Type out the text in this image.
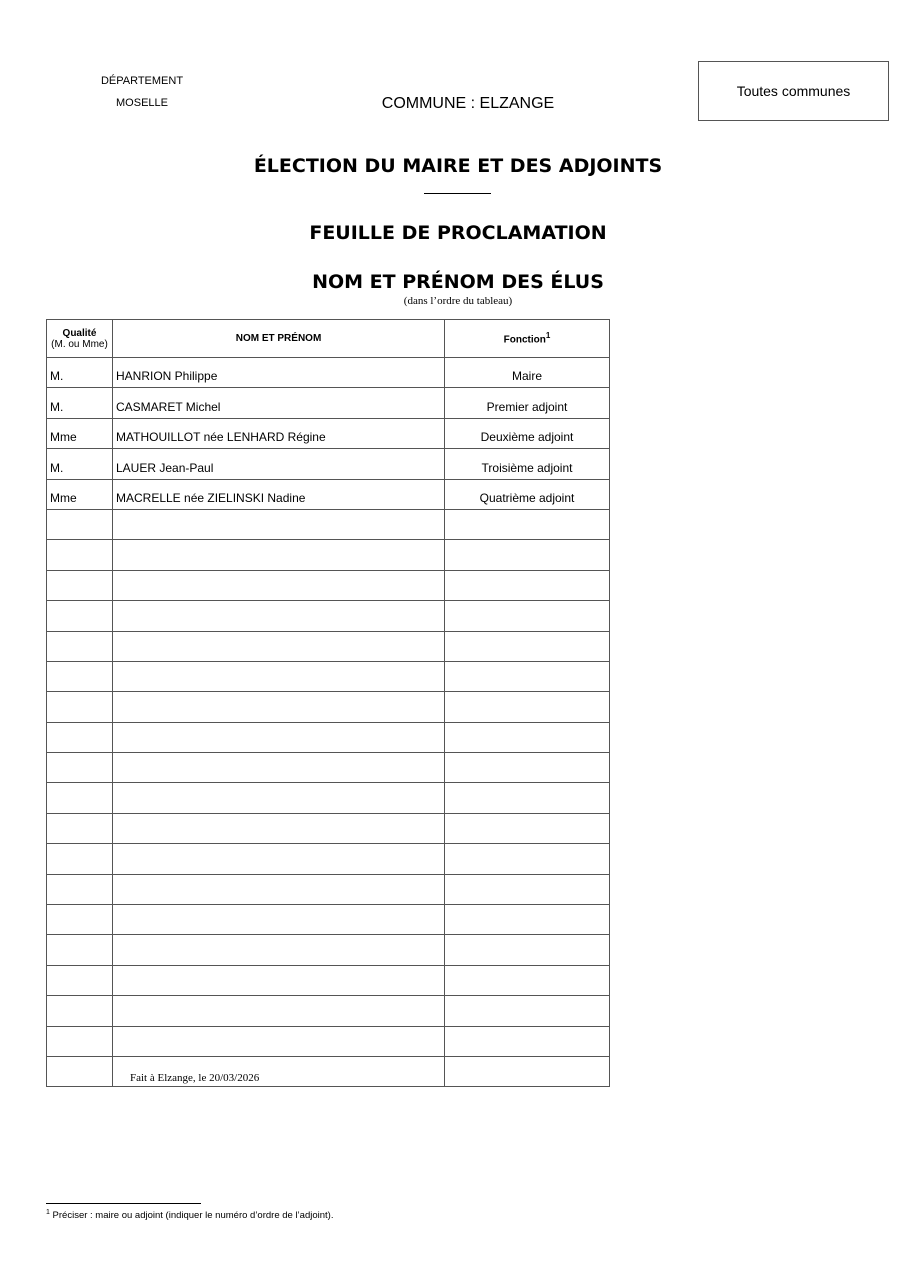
DÉPARTEMENT
MOSELLE	COMMUNE : ELZANGE
Toutes communes
ÉLECTION DU MAIRE ET DES ADJOINTS
FEUILLE DE PROCLAMATION
NOM ET PRÉNOM DES ÉLUS
(dans l’ordre du tableau)
Qualité
(M. ou Mme)	NOM ET PRÉNOM	Fonction$^1$
M.	HANRION Philippe	Maire
M.	CASMARET Michel	Premier adjoint
Mme	MATHOUILLOT née LENHARD Régine	Deuxième adjoint
M.	LAUER Jean-Paul	Troisième adjoint
Mme	MACRELLE née ZIELINSKI Nadine	Quatrième adjoint

Fait à Elzange, le 20/03/2026
$^1$ Préciser : maire ou adjoint (indiquer le numéro d’ordre de l’adjoint).
